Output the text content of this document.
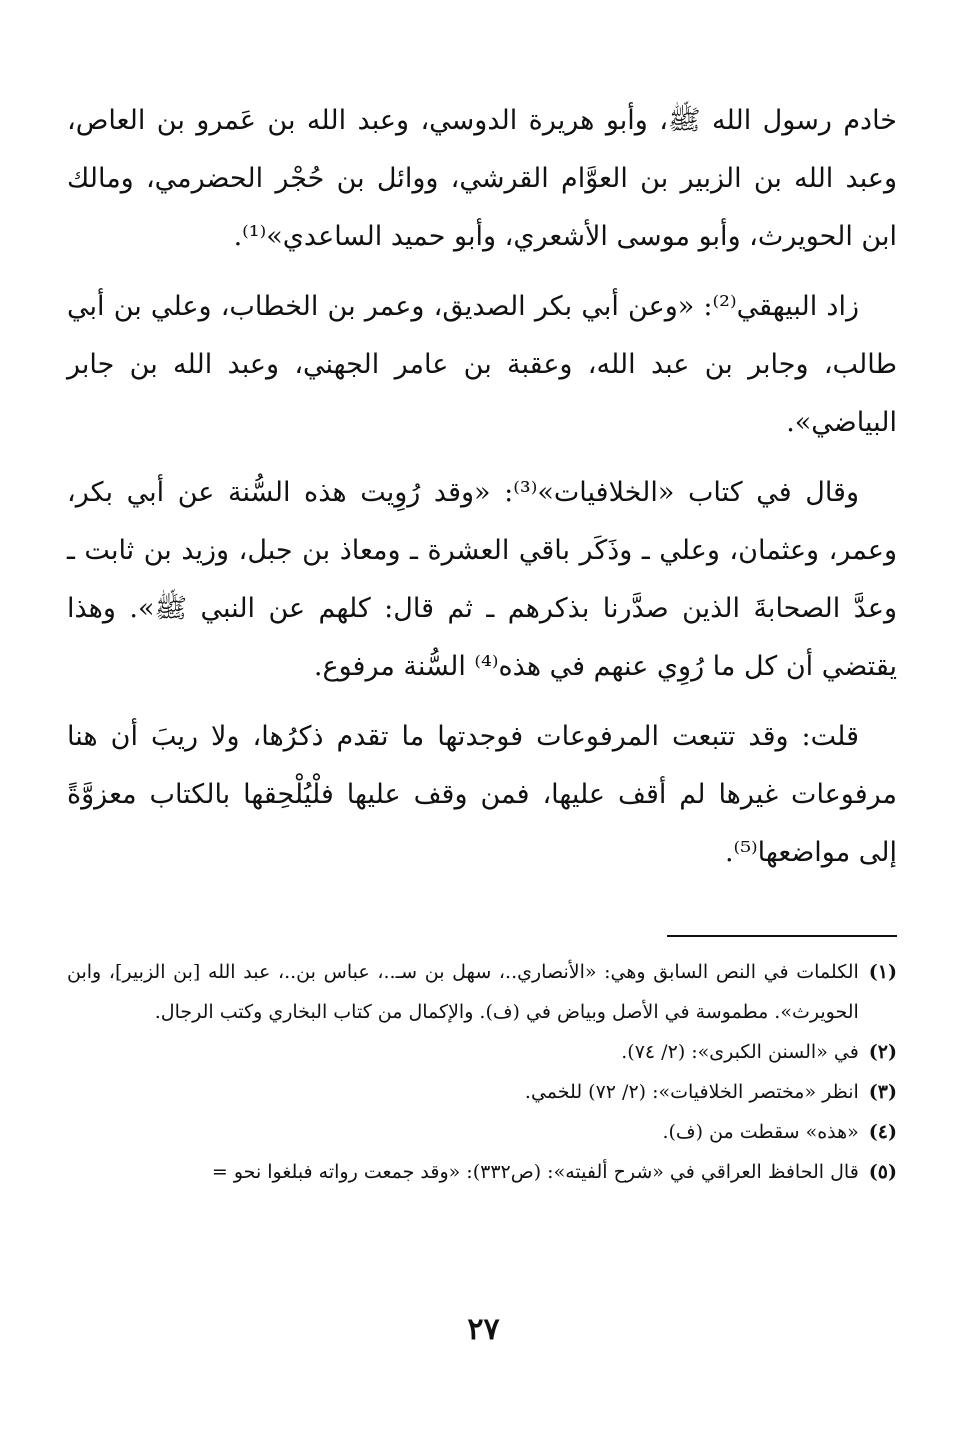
خادم رسول الله ﷺ، وأبو هريرة الدوسي، وعبد الله بن عَمرو بن العاص، وعبد الله بن الزبير بن العوَّام القرشي، ووائل بن حُجْر الحضرمي، ومالك ابن الحويرث، وأبو موسى الأشعري، وأبو حميد الساعدي»⁽¹⁾.

زاد البيهقي⁽²⁾: «وعن أبي بكر الصديق، وعمر بن الخطاب، وعلي بن أبي طالب، وجابر بن عبد الله، وعقبة بن عامر الجهني، وعبد الله بن جابر البياضي».

وقال في كتاب «الخلافيات»⁽³⁾: «وقد رُوِيت هذه السُّنة عن أبي بكر، وعمر، وعثمان، وعلي ـ وذَكَر باقي العشرة ـ ومعاذ بن جبل، وزيد بن ثابت ـ وعدَّ الصحابةَ الذين صدَّرنا بذكرهم ـ ثم قال: كلهم عن النبي ﷺ». وهذا يقتضي أن كل ما رُوِي عنهم في هذه⁽⁴⁾ السُّنة مرفوع.

قلت: وقد تتبعت المرفوعات فوجدتها ما تقدم ذكرُها، ولا ريبَ أن هنا مرفوعات غيرها لم أقف عليها، فمن وقف عليها فلْيُلْحِقها بالكتاب معزوَّةً إلى مواضعها⁽⁵⁾.

(١)
الكلمات في النص السابق وهي: «الأنصاري..، سهل بن سـ..، عباس بن..، عبد الله [بن الزبير]، وابن الحويرث». مطموسة في الأصل وبياض في (ف). والإكمال من كتاب البخاري وكتب الرجال.
(٢)
في «السنن الكبرى»: (٢/ ٧٤).
(٣)
انظر «مختصر الخلافيات»: (٢/ ٧٢) للخمي.
(٤)
«هذه» سقطت من (ف).
(٥)
قال الحافظ العراقي في «شرح ألفيته»: (ص٣٣٢): «وقد جمعت رواته فبلغوا نحو =
٢٧
